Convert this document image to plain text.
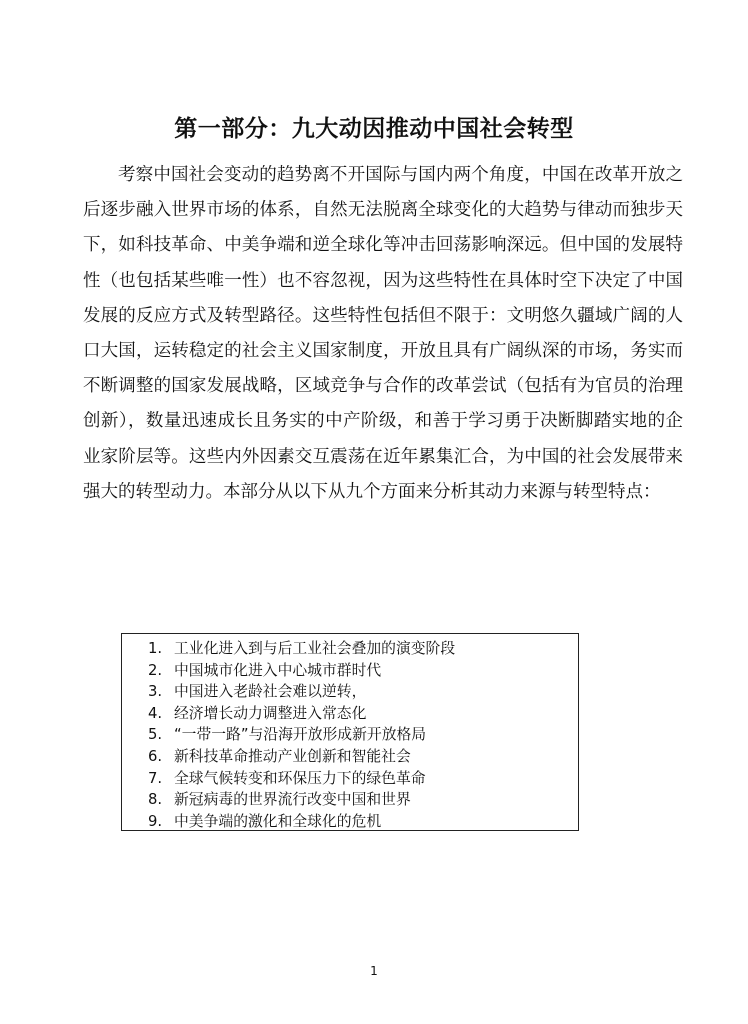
第一部分：九大动因推动中国社会转型
考察中国社会变动的趋势离不开国际与国内两个角度，中国在改革开放之
后逐步融入世界市场的体系，自然无法脱离全球变化的大趋势与律动而独步天
下，如科技革命、中美争端和逆全球化等冲击回荡影响深远。但中国的发展特
性（也包括某些唯一性）也不容忽视，因为这些特性在具体时空下决定了中国
发展的反应方式及转型路径。这些特性包括但不限于：文明悠久疆域广阔的人
口大国，运转稳定的社会主义国家制度，开放且具有广阔纵深的市场，务实而
不断调整的国家发展战略，区域竞争与合作的改革尝试（包括有为官员的治理
创新），数量迅速成长且务实的中产阶级，和善于学习勇于决断脚踏实地的企
业家阶层等。这些内外因素交互震荡在近年累集汇合，为中国的社会发展带来
强大的转型动力。本部分从以下从九个方面来分析其动力来源与转型特点：
1. 工业化进入到与后工业社会叠加的演变阶段
2. 中国城市化进入中心城市群时代
3. 中国进入老龄社会难以逆转，
4. 经济增长动力调整进入常态化
5. “一带一路”与沿海开放形成新开放格局
6. 新科技革命推动产业创新和智能社会
7. 全球气候转变和环保压力下的绿色革命
8. 新冠病毒的世界流行改变中国和世界
9. 中美争端的激化和全球化的危机
1
